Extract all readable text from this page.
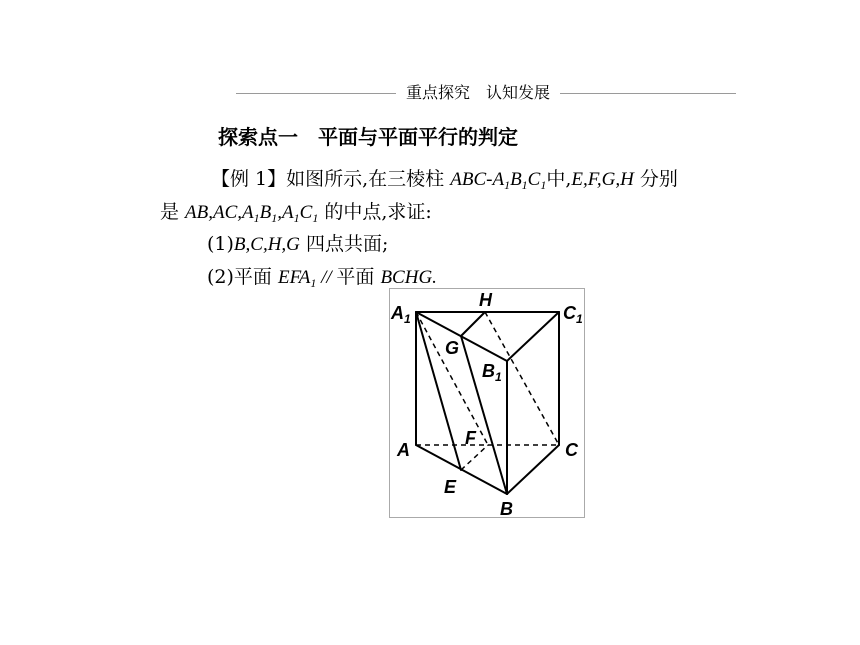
重点探究　认知发展
探索点一　平面与平面平行的判定
【例 1】如图所示,在三棱柱 ABC-$A_1B_1C_1$中,E,F,G,H 分别
是 $AB,AC,A_1B_1,A_1C_1$ 的中点,求证:
(1)B,C,H,G 四点共面;
(2)平面 $EFA_1$ // 平面 BCHG.
$A_1$
H
$C_1$
G
$B_1$
F
A	C
E
B
